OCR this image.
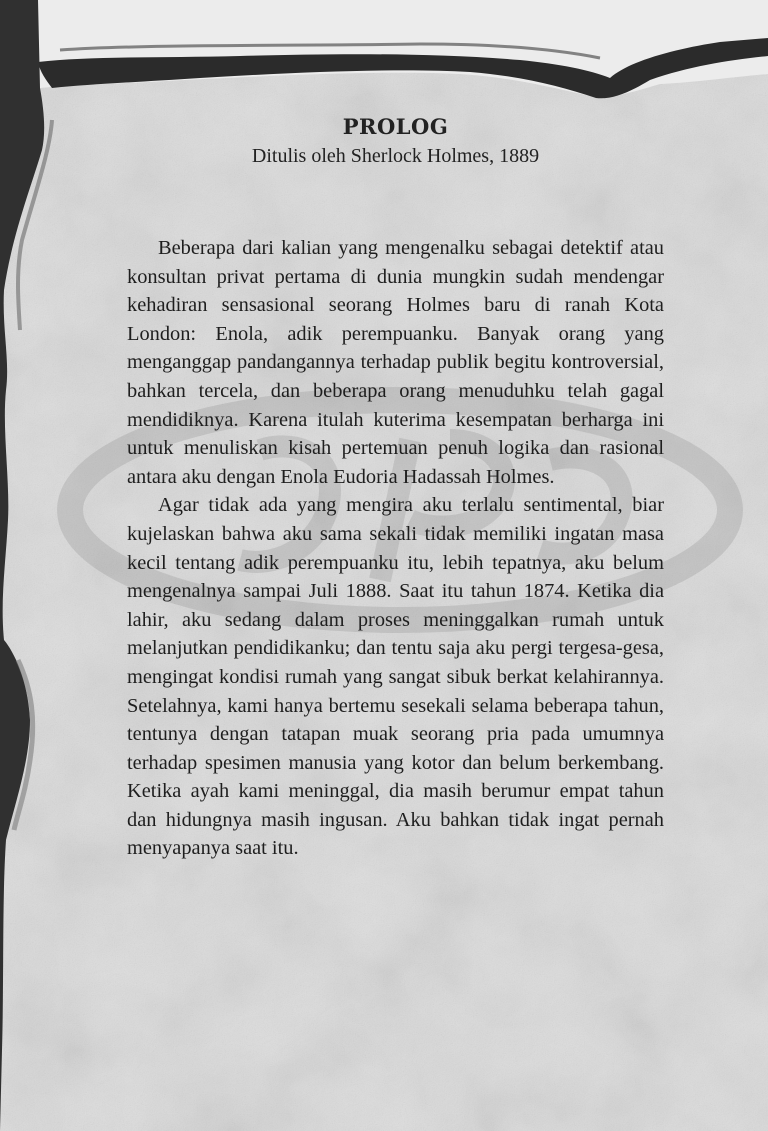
PROLOG

Ditulis oleh Sherlock Holmes, 1889

Beberapa dari kalian yang mengenalku sebagai detektif atau konsultan privat pertama di dunia mungkin sudah mendengar kehadiran sensasional seorang Holmes baru di ranah Kota London: Enola, adik perempuanku. Banyak orang yang menganggap pandangannya terhadap publik begitu kontroversial, bahkan tercela, dan beberapa orang menuduhku telah gagal mendidiknya. Karena itulah kuterima kesempatan berharga ini untuk menuliskan kisah pertemuan penuh logika dan rasional antara aku dengan Enola Eudoria Hadassah Holmes.

Agar tidak ada yang mengira aku terlalu sentimental, biar kujelaskan bahwa aku sama sekali tidak memiliki ingatan masa kecil tentang adik perempuanku itu, lebih tepatnya, aku belum mengenalnya sampai Juli 1888. Saat itu tahun 1874. Ketika dia lahir, aku sedang dalam proses meninggalkan rumah untuk melanjutkan pendidikanku; dan tentu saja aku pergi tergesa-gesa, mengingat kondisi rumah yang sangat sibuk berkat kelahirannya. Setelahnya, kami hanya bertemu sesekali selama beberapa tahun, tentunya dengan tatapan muak seorang pria pada umumnya terhadap spesimen manusia yang kotor dan belum berkembang. Ketika ayah kami meninggal, dia masih berumur empat tahun dan hidungnya masih ingusan. Aku bahkan tidak ingat pernah menyapanya saat itu.
